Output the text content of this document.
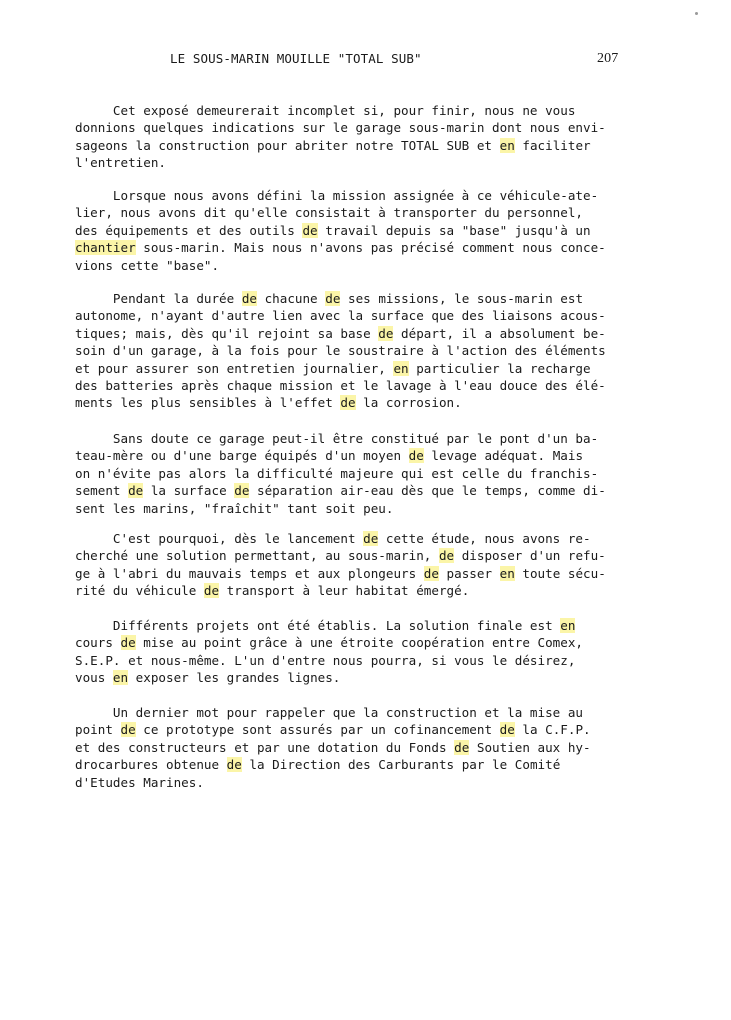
LE SOUS-MARIN MOUILLE "TOTAL SUB"	207
Cet exposé demeurerait incomplet si, pour finir, nous ne vous
donnions quelques indications sur le garage sous-marin dont nous envi-
sageons la construction pour abriter notre TOTAL SUB et en faciliter
l'entretien.
Lorsque nous avons défini la mission assignée à ce véhicule-ate-
lier, nous avons dit qu'elle consistait à transporter du personnel,
des équipements et des outils de travail depuis sa "base" jusqu'à un
chantier sous-marin. Mais nous n'avons pas précisé comment nous conce-
vions cette "base".
Pendant la durée de chacune de ses missions, le sous-marin est
autonome, n'ayant d'autre lien avec la surface que des liaisons acous-
tiques; mais, dès qu'il rejoint sa base de départ, il a absolument be-
soin d'un garage, à la fois pour le soustraire à l'action des éléments
et pour assurer son entretien journalier, en particulier la recharge
des batteries après chaque mission et le lavage à l'eau douce des élé-
ments les plus sensibles à l'effet de la corrosion.
Sans doute ce garage peut-il être constitué par le pont d'un ba-
teau-mère ou d'une barge équipés d'un moyen de levage adéquat. Mais
on n'évite pas alors la difficulté majeure qui est celle du franchis-
sement de la surface de séparation air-eau dès que le temps, comme di-
sent les marins, "fraîchit" tant soit peu.
C'est pourquoi, dès le lancement de cette étude, nous avons re-
cherché une solution permettant, au sous-marin, de disposer d'un refu-
ge à l'abri du mauvais temps et aux plongeurs de passer en toute sécu-
rité du véhicule de transport à leur habitat émergé.
Différents projets ont été établis. La solution finale est en
cours de mise au point grâce à une étroite coopération entre Comex,
S.E.P. et nous-même. L'un d'entre nous pourra, si vous le désirez,
vous en exposer les grandes lignes.
Un dernier mot pour rappeler que la construction et la mise au
point de ce prototype sont assurés par un cofinancement de la C.F.P.
et des constructeurs et par une dotation du Fonds de Soutien aux hy-
drocarbures obtenue de la Direction des Carburants par le Comité
d'Etudes Marines.
